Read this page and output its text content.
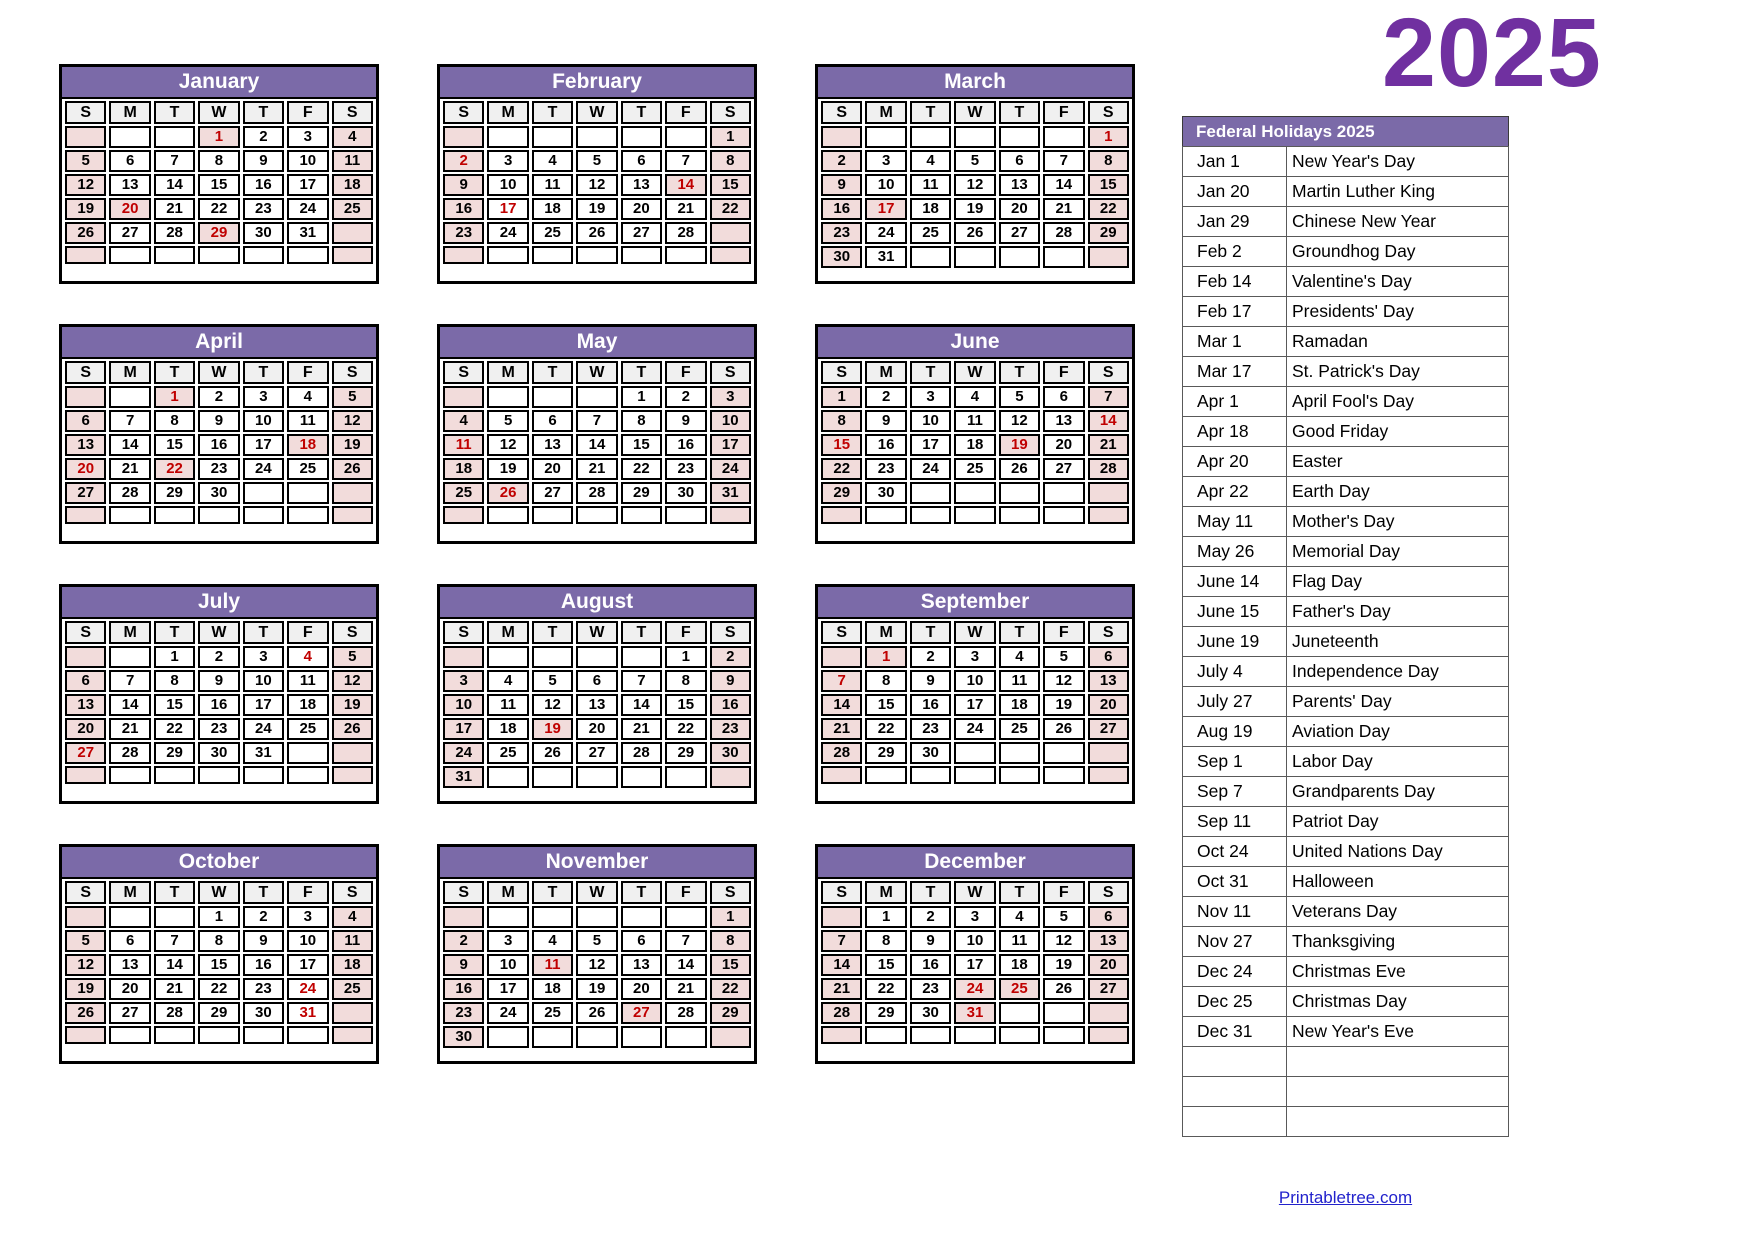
2025
January
S	M	T	W	T	F	S
			1	2	3	4
5	6	7	8	9	10	11
12	13	14	15	16	17	18
19	20	21	22	23	24	25
26	27	28	29	30	31	

February
S	M	T	W	T	F	S
						1
2	3	4	5	6	7	8
9	10	11	12	13	14	15
16	17	18	19	20	21	22
23	24	25	26	27	28	

March
S	M	T	W	T	F	S
						1
2	3	4	5	6	7	8
9	10	11	12	13	14	15
16	17	18	19	20	21	22
23	24	25	26	27	28	29
30	31					
April
S	M	T	W	T	F	S
		1	2	3	4	5
6	7	8	9	10	11	12
13	14	15	16	17	18	19
20	21	22	23	24	25	26
27	28	29	30			

May
S	M	T	W	T	F	S
				1	2	3
4	5	6	7	8	9	10
11	12	13	14	15	16	17
18	19	20	21	22	23	24
25	26	27	28	29	30	31

June
S	M	T	W	T	F	S
1	2	3	4	5	6	7
8	9	10	11	12	13	14
15	16	17	18	19	20	21
22	23	24	25	26	27	28
29	30					

July
S	M	T	W	T	F	S
		1	2	3	4	5
6	7	8	9	10	11	12
13	14	15	16	17	18	19
20	21	22	23	24	25	26
27	28	29	30	31		

August
S	M	T	W	T	F	S
					1	2
3	4	5	6	7	8	9
10	11	12	13	14	15	16
17	18	19	20	21	22	23
24	25	26	27	28	29	30
31						
September
S	M	T	W	T	F	S
	1	2	3	4	5	6
7	8	9	10	11	12	13
14	15	16	17	18	19	20
21	22	23	24	25	26	27
28	29	30				

October
S	M	T	W	T	F	S
			1	2	3	4
5	6	7	8	9	10	11
12	13	14	15	16	17	18
19	20	21	22	23	24	25
26	27	28	29	30	31	

November
S	M	T	W	T	F	S
						1
2	3	4	5	6	7	8
9	10	11	12	13	14	15
16	17	18	19	20	21	22
23	24	25	26	27	28	29
30						
December
S	M	T	W	T	F	S
	1	2	3	4	5	6
7	8	9	10	11	12	13
14	15	16	17	18	19	20
21	22	23	24	25	26	27
28	29	30	31			

Federal Holidays 2025
Jan 1	New Year's Day
Jan 20	Martin Luther King
Jan 29	Chinese New Year
Feb 2	Groundhog Day
Feb 14	Valentine's Day
Feb 17	Presidents' Day
Mar 1	Ramadan
Mar 17	St. Patrick's Day
Apr 1	April Fool's Day
Apr 18	Good Friday
Apr 20	Easter
Apr 22	Earth Day
May 11	Mother's Day
May 26	Memorial Day
June 14	Flag Day
June 15	Father's Day
June 19	Juneteenth
July 4	Independence Day
July 27	Parents' Day
Aug 19	Aviation Day
Sep 1	Labor Day
Sep 7	Grandparents Day
Sep 11	Patriot Day
Oct 24	United Nations Day
Oct 31	Halloween
Nov 11	Veterans Day
Nov 27	Thanksgiving
Dec 24	Christmas Eve
Dec 25	Christmas Day
Dec 31	New Year's Eve

Printabletree.com
